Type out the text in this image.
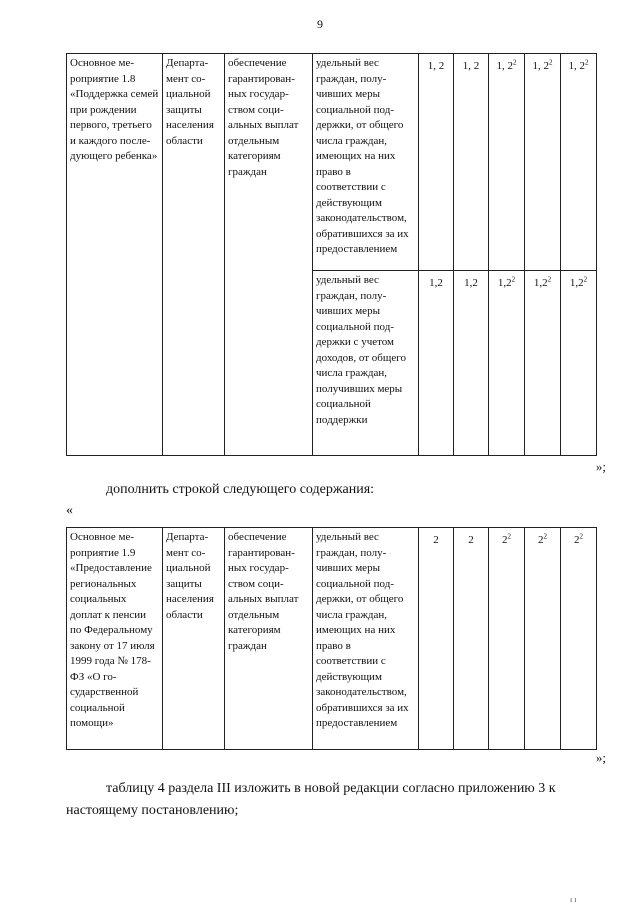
9
Основное мероприятие 1.8 «Поддержка семей при рождении первого, третьего и каждого последующего ребенка»	Департамент социальной защиты населения области	обеспечение гарантированных государством социальных выплат отдельным категориям граждан	удельный вес граждан, получивших меры социальной поддержки, от общего числа граждан, имеющих на них право в соответствии с действующим законодательством, обратившихся за их предоставлением	1, 2	1, 2	1, $2^2$	1, $2^2$	1, $2^2$
			удельный вес граждан, получивших меры социальной поддержки с учетом доходов, от общего числа граждан, получивших меры социальной поддержки	1,2	1,2	$1,2^2$	$1,2^2$	$1,2^2$
»;
дополнить строкой следующего содержания:
«
Основное мероприятие 1.9 «Предоставление региональных социальных доплат к пенсии по Федеральному закону от 17 июля 1999 года № 178-ФЗ «О государственной социальной помощи»	Департамент социальной защиты населения области	обеспечение гарантированных государством социальных выплат отдельным категориям граждан	удельный вес граждан, получивших меры социальной поддержки, от общего числа граждан, имеющих на них право в соответствии с действующим законодательством, обратившихся за их предоставлением	2	2	$2^2$	$2^2$	$2^2$
»;
таблицу 4 раздела III изложить в новой редакции согласно приложению 3 к настоящему постановлению;
ı ı
